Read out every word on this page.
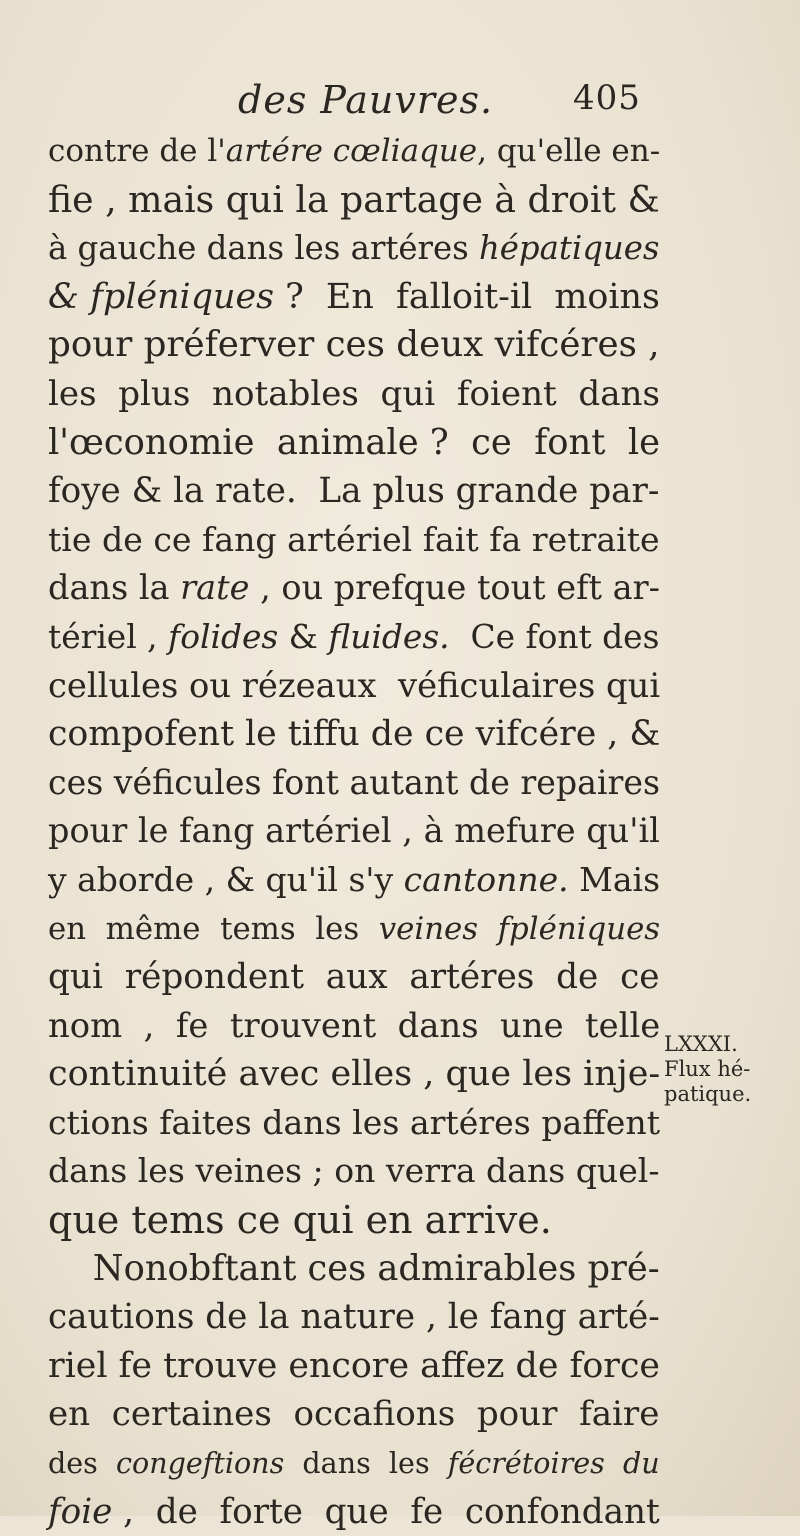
des Pauvres. 405
contre de l'artére cœliaque, qu'elle en-
fie , mais qui la partage à droit &
à gauche dans les artéres hépatiques
& fpléniques ?  En  falloit-il  moins
pour préferver ces deux vifcéres ,
les  plus  notables  qui  foient  dans
l'œconomie  animale ?  ce  font  le
foye & la rate.  La plus grande par-
tie de ce fang artériel fait fa retraite
dans la rate , ou prefque tout eft ar-
tériel , folides & fluides.  Ce font des
cellules ou rézeaux  véficulaires qui
compofent le tiffu de ce vifcére , &
ces véficules font autant de repaires
pour le fang artériel , à mefure qu'il
y aborde , & qu'il s'y cantonne. Mais
en  même  tems  les  veines  fpléniques
qui  répondent  aux  artéres  de  ce
nom  ,  fe  trouvent  dans  une  telle
continuité avec elles , que les inje-
ctions faites dans les artéres paffent
dans les veines ; on verra dans quel-
que tems ce qui en arrive.
Nonobftant ces admirables pré-
cautions de la nature , le fang arté-
riel fe trouve encore affez de force
en  certaines  occafions  pour  faire
des  congeftions  dans  les  fécrétoires  du
foie ,  de  forte  que  fe  confondant
LXXXI.
Flux hé-
patique.
